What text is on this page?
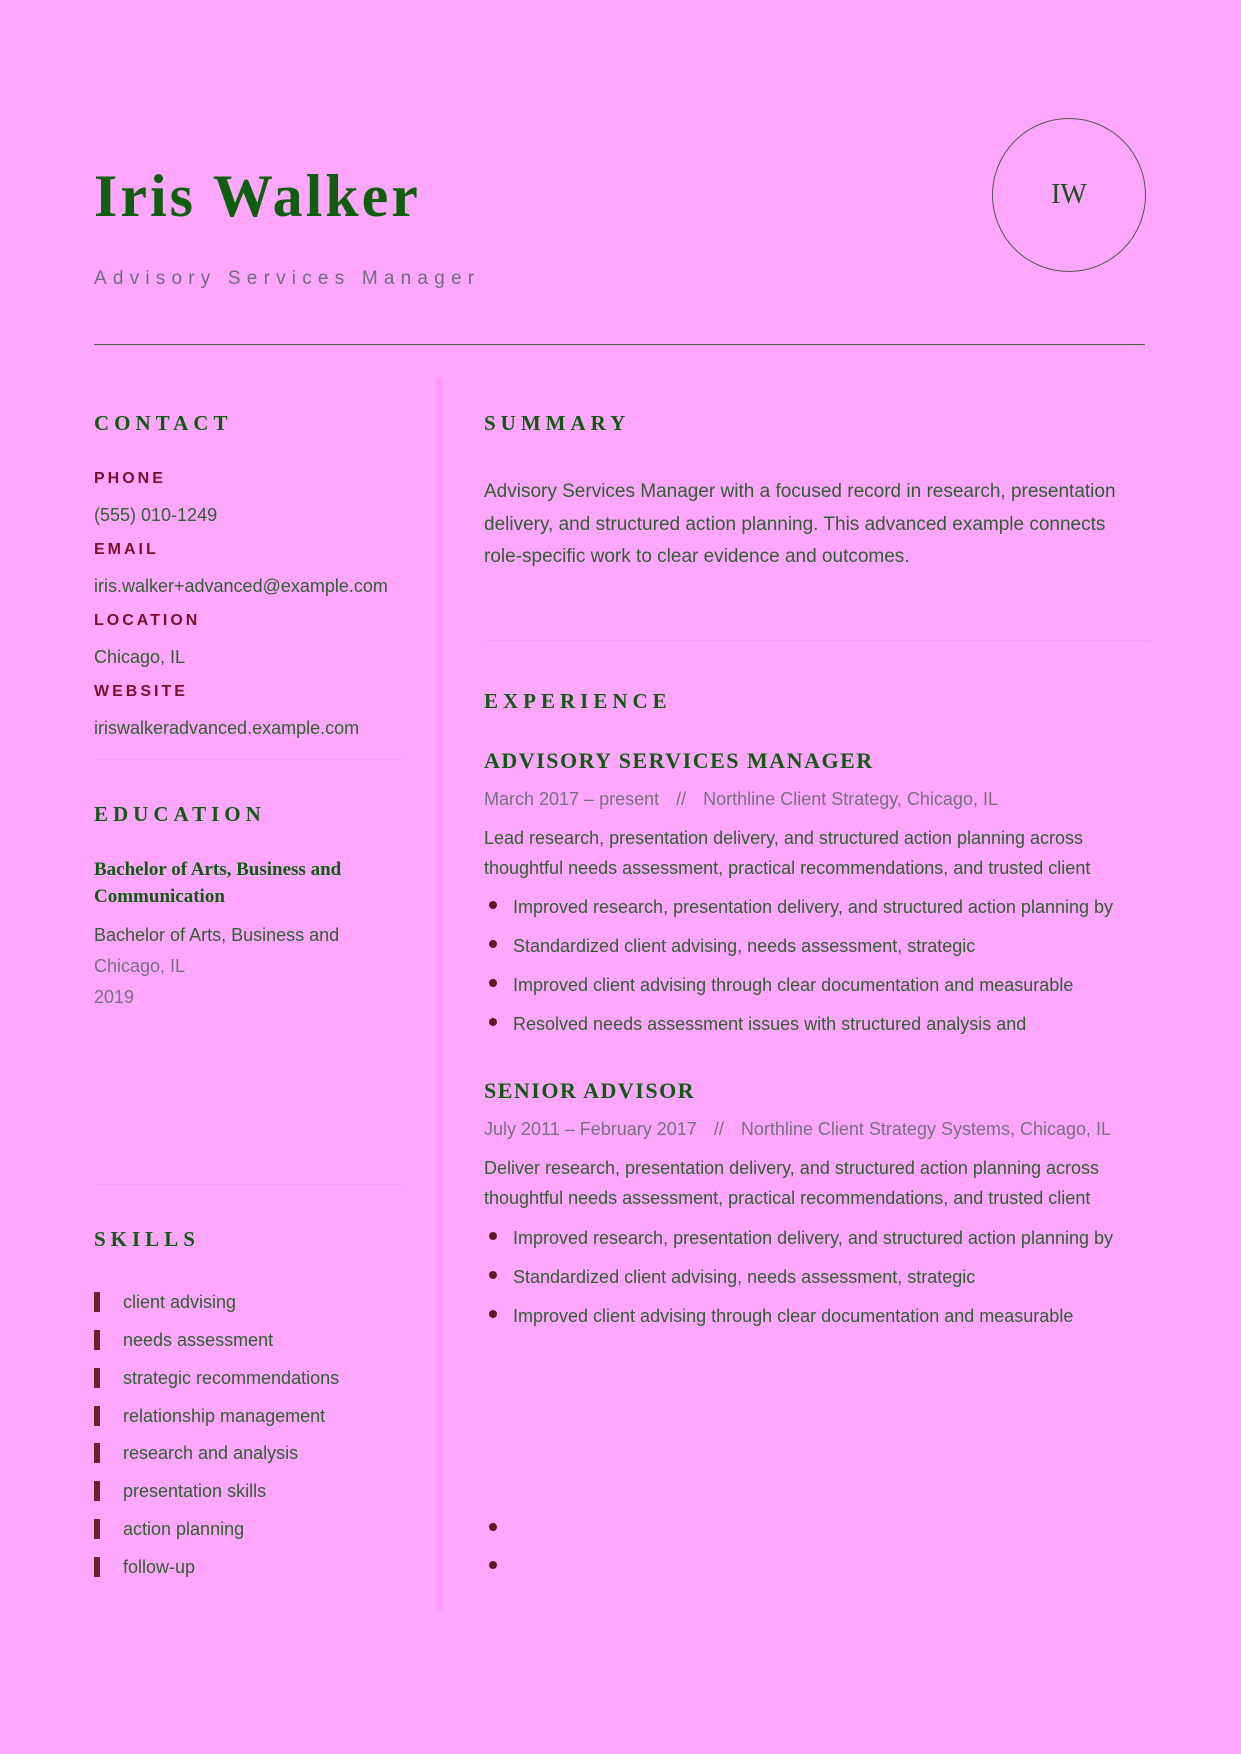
Iris Walker
Advisory Services Manager
IW
CONTACT
PHONE
(555) 010-1249
EMAIL
iris.walker+advanced@example.com
LOCATION
Chicago, IL
WEBSITE
iriswalkeradvanced.example.com
EDUCATION
Bachelor of Arts, Business and Communication
Bachelor of Arts, Business and
Chicago, IL
2019
SKILLS
client advising
needs assessment
strategic recommendations
relationship management
research and analysis
presentation skills
action planning
follow-up
SUMMARY
Advisory Services Manager with a focused record in research, presentation delivery, and structured action planning. This advanced example connects role-specific work to clear evidence and outcomes.
EXPERIENCE
ADVISORY SERVICES MANAGER
March 2017 – present // Northline Client Strategy, Chicago, IL
Lead research, presentation delivery, and structured action planning across thoughtful needs assessment, practical recommendations, and trusted client
Improved research, presentation delivery, and structured action planning by
Standardized client advising, needs assessment, strategic
Improved client advising through clear documentation and measurable
Resolved needs assessment issues with structured analysis and
SENIOR ADVISOR
July 2011 – February 2017 // Northline Client Strategy Systems, Chicago, IL
Deliver research, presentation delivery, and structured action planning across thoughtful needs assessment, practical recommendations, and trusted client
Improved research, presentation delivery, and structured action planning by
Standardized client advising, needs assessment, strategic
Improved client advising through clear documentation and measurable
